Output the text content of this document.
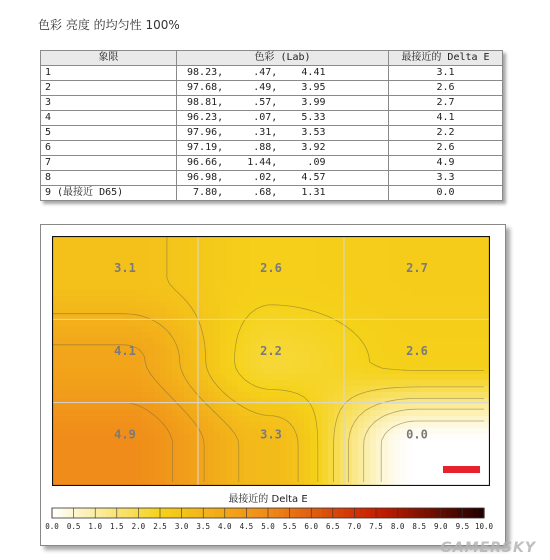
色彩 亮度 的均匀性 100%
象限	色彩 (Lab)	最接近的 Delta E
1	98.23,     .47,    4.41	3.1
2	97.68,     .49,    3.95	2.6
3	98.81,     .57,    3.99	2.7
4	96.23,     .07,    5.33	4.1
5	97.96,     .31,    3.53	2.2
6	97.19,     .88,    3.92	2.6
7	96.66,    1.44,     .09	4.9
8	96.98,     .02,    4.57	3.3
9 (最接近 D65)	7.80,     .68,    1.31	0.0
3.1	2.6	2.7
4.1	2.2	2.6
4.9	3.3	0.0
最接近的 Delta E
0.0 0.5 1.0 1.5 2.0 2.5 3.0 3.5 4.0 4.5 5.0 5.5 6.0 6.5 7.0 7.5 8.0 8.5 9.0 9.5 10.0
GAMERSKY
